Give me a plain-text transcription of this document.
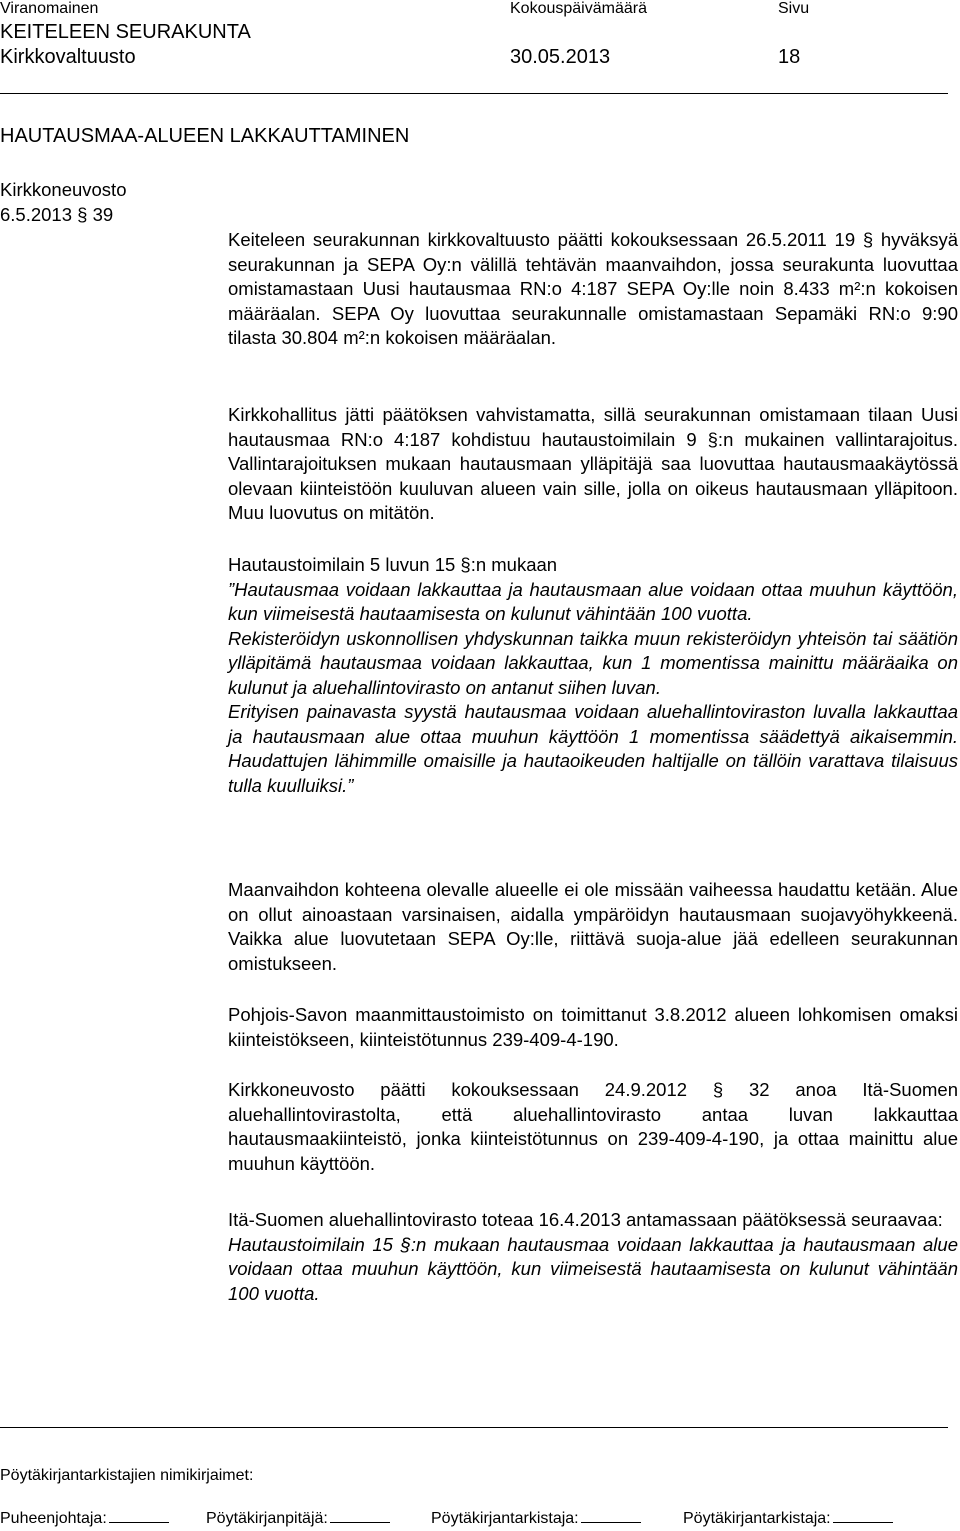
Viranomainen	Kokouspäivämäärä	Sivu
KEITELEEN SEURAKUNTA
Kirkkovaltuusto	30.05.2013	18
HAUTAUSMAA-ALUEEN LAKKAUTTAMINEN
Kirkkoneuvosto
6.5.2013 § 39

Keiteleen seurakunnan kirkkovaltuusto päätti kokouksessaan 26.5.2011 19 § hyväksyä seurakunnan ja SEPA Oy:n välillä tehtävän maanvaihdon, jossa seurakunta luovuttaa omistamastaan Uusi hautausmaa RN:o 4:187 SEPA Oy:lle noin 8.433 m²:n kokoisen määräalan. SEPA Oy luovuttaa seurakunnalle omistamastaan Sepamäki RN:o 9:90 tilasta 30.804 m²:n kokoisen määräalan.

Kirkkohallitus jätti päätöksen vahvistamatta, sillä seurakunnan omistamaan tilaan Uusi hautausmaa RN:o 4:187 kohdistuu hautaustoimilain 9 §:n mukainen vallintarajoitus. Vallintarajoituksen mukaan hautausmaan ylläpitäjä saa luovuttaa hautausmaakäytössä olevaan kiinteistöön kuuluvan alueen vain sille, jolla on oikeus hautausmaan ylläpitoon. Muu luovutus on mitätön.

Hautaustoimilain 5 luvun 15 §:n mukaan

”Hautausmaa voidaan lakkauttaa ja hautausmaan alue voidaan ottaa muuhun käyttöön, kun viimeisestä hautaamisesta on kulunut vähintään 100 vuotta.

Rekisteröidyn uskonnollisen yhdyskunnan taikka muun rekisteröidyn yhteisön tai säätiön ylläpitämä hautausmaa voidaan lakkauttaa, kun 1 momentissa mainittu määräaika on kulunut ja aluehallintovirasto on antanut siihen luvan.

Erityisen painavasta syystä hautausmaa voidaan aluehallintoviraston luvalla lakkauttaa ja hautausmaan alue ottaa muuhun käyttöön 1 momentissa säädettyä aikaisemmin. Haudattujen lähimmille omaisille ja hautaoikeuden haltijalle on tällöin varattava tilaisuus tulla kuulluiksi.”

Maanvaihdon kohteena olevalle alueelle ei ole missään vaiheessa haudattu ketään. Alue on ollut ainoastaan varsinaisen, aidalla ympäröidyn hautausmaan suojavyöhykkeenä. Vaikka alue luovutetaan SEPA Oy:lle, riittävä suoja-alue jää edelleen seurakunnan omistukseen.

Pohjois-Savon maanmittaustoimisto on toimittanut 3.8.2012 alueen lohkomisen omaksi kiinteistökseen, kiinteistötunnus 239-409-4-190.

Kirkkoneuvosto päätti kokouksessaan 24.9.2012 § 32 anoa Itä-Suomen aluehallintovirastolta, että aluehallintovirasto antaa luvan lakkauttaa hautausmaakiinteistö, jonka kiinteistötunnus on 239-409-4-190, ja ottaa mainittu alue muuhun käyttöön.

Itä-Suomen aluehallintovirasto toteaa 16.4.2013 antamassaan päätöksessä seuraavaa:

Hautaustoimilain 15 §:n mukaan hautausmaa voidaan lakkauttaa ja hautausmaan alue voidaan ottaa muuhun käyttöön, kun viimeisestä hautaamisesta on kulunut vähintään 100 vuotta.

Pöytäkirjantarkistajien nimikirjaimet:
Puheenjohtaja:	Pöytäkirjanpitäjä:	Pöytäkirjantarkistaja:	Pöytäkirjantarkistaja:
